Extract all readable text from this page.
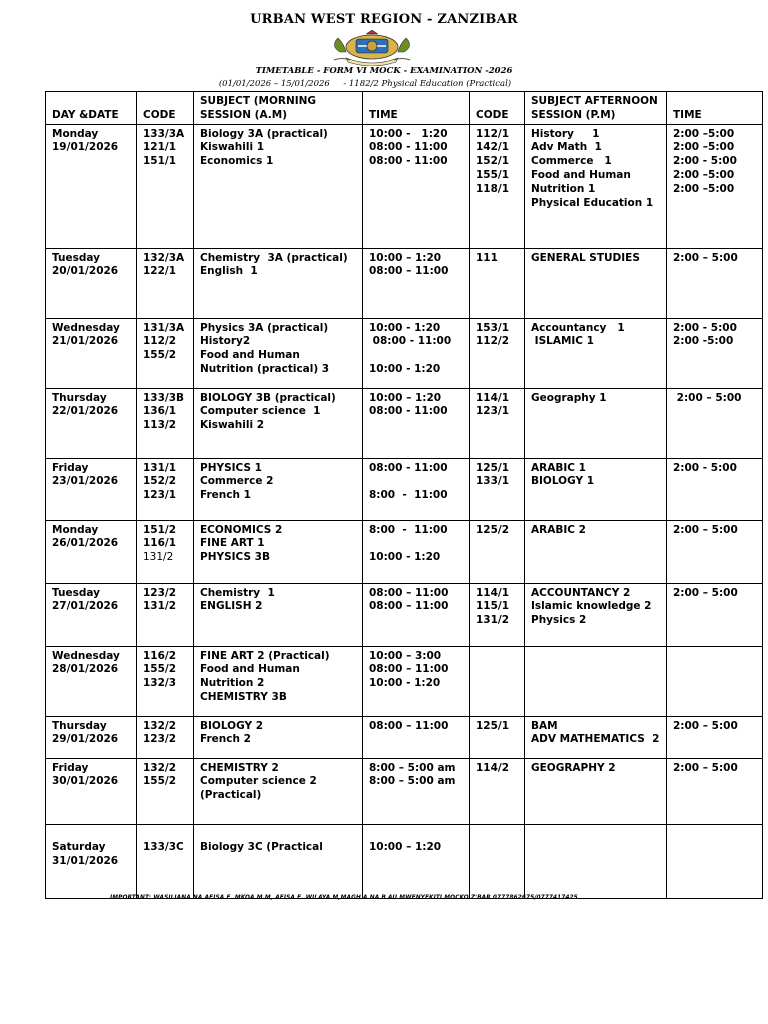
URBAN WEST REGION - ZANZIBAR
TIMETABLE - FORM VI MOCK - EXAMINATION -2026
(01/01/2026 – 15/01/2026     - 1182/2 Physical Education (Practical)
DAY &DATE	CODE	SUBJECT (MORNING SESSION (A.M)	TIME	CODE	SUBJECT AFTERNOON SESSION (P.M)	TIME

Monday
19/01/2026	133/3A
121/1
151/1	Biology 3A (practical)
Kiswahili 1
Economics 1	10:00 -   1:20
08:00 - 11:00
08:00 - 11:00	112/1
142/1
152/1
155/1
118/1	History     1
Adv Math  1
Commerce   1
Food and Human Nutrition 1
Physical Education 1	2:00 –5:00
2:00 –5:00
2:00 - 5:00
2:00 –5:00
2:00 –5:00

Tuesday
20/01/2026	132/3A
122/1	Chemistry  3A (practical)
English  1	10:00 – 1:20
08:00 – 11:00	111	GENERAL STUDIES	2:00 – 5:00

Wednesday
21/01/2026	131/3A
112/2
155/2	Physics 3A (practical)
History2
Food and Human Nutrition (practical) 3	10:00 - 1:20
08:00 - 11:00
10:00 - 1:20	153/1
112/2	Accountancy   1
ISLAMIC 1	2:00 - 5:00
2:00 -5:00

Thursday
22/01/2026	133/3B
136/1
113/2	BIOLOGY 3B (practical)
Computer science  1
Kiswahili 2	10:00 – 1:20
08:00 - 11:00	114/1
123/1	Geography 1	2:00 – 5:00

Friday
23/01/2026	131/1
152/2
123/1	PHYSICS 1
Commerce 2
French 1	08:00 - 11:00
8:00  -  11:00	125/1
133/1	ARABIC 1
BIOLOGY 1	2:00 - 5:00

Monday
26/01/2026	151/2
116/1
131/2	ECONOMICS 2
FINE ART 1
PHYSICS 3B	8:00  -  11:00
10:00 - 1:20	125/2	ARABIC 2	2:00 – 5:00

Tuesday
27/01/2026	123/2
131/2	Chemistry  1
ENGLISH 2	08:00 – 11:00
08:00 – 11:00	114/1
115/1
131/2	ACCOUNTANCY 2
Islamic knowledge 2
Physics 2	2:00 – 5:00

Wednesday
28/01/2026	116/2
155/2
132/3	FINE ART 2 (Practical)
Food and Human Nutrition 2
CHEMISTRY 3B	10:00 – 3:00
08:00 – 11:00
10:00 - 1:20			

Thursday
29/01/2026	132/2
123/2	BIOLOGY 2
French 2	08:00 – 11:00	125/1	BAM
ADV MATHEMATICS  2	2:00 – 5:00

Friday
30/01/2026	132/2
155/2	CHEMISTRY 2
Computer science 2 (Practical)	8:00 – 5:00 am
8:00 – 5:00 am	114/2	GEOGRAPHY 2	2:00 – 5:00

Saturday
31/01/2026	133/3C	Biology 3C (Practical	10:00 – 1:20			

IMPORTANT: WASILIANA NA AFISA E. MKOA M.M, AFISA E. WILAYA M,MAGH A NA B AU MWENYEKITI MOCKO Z'BAR 0777862675/0777417425
